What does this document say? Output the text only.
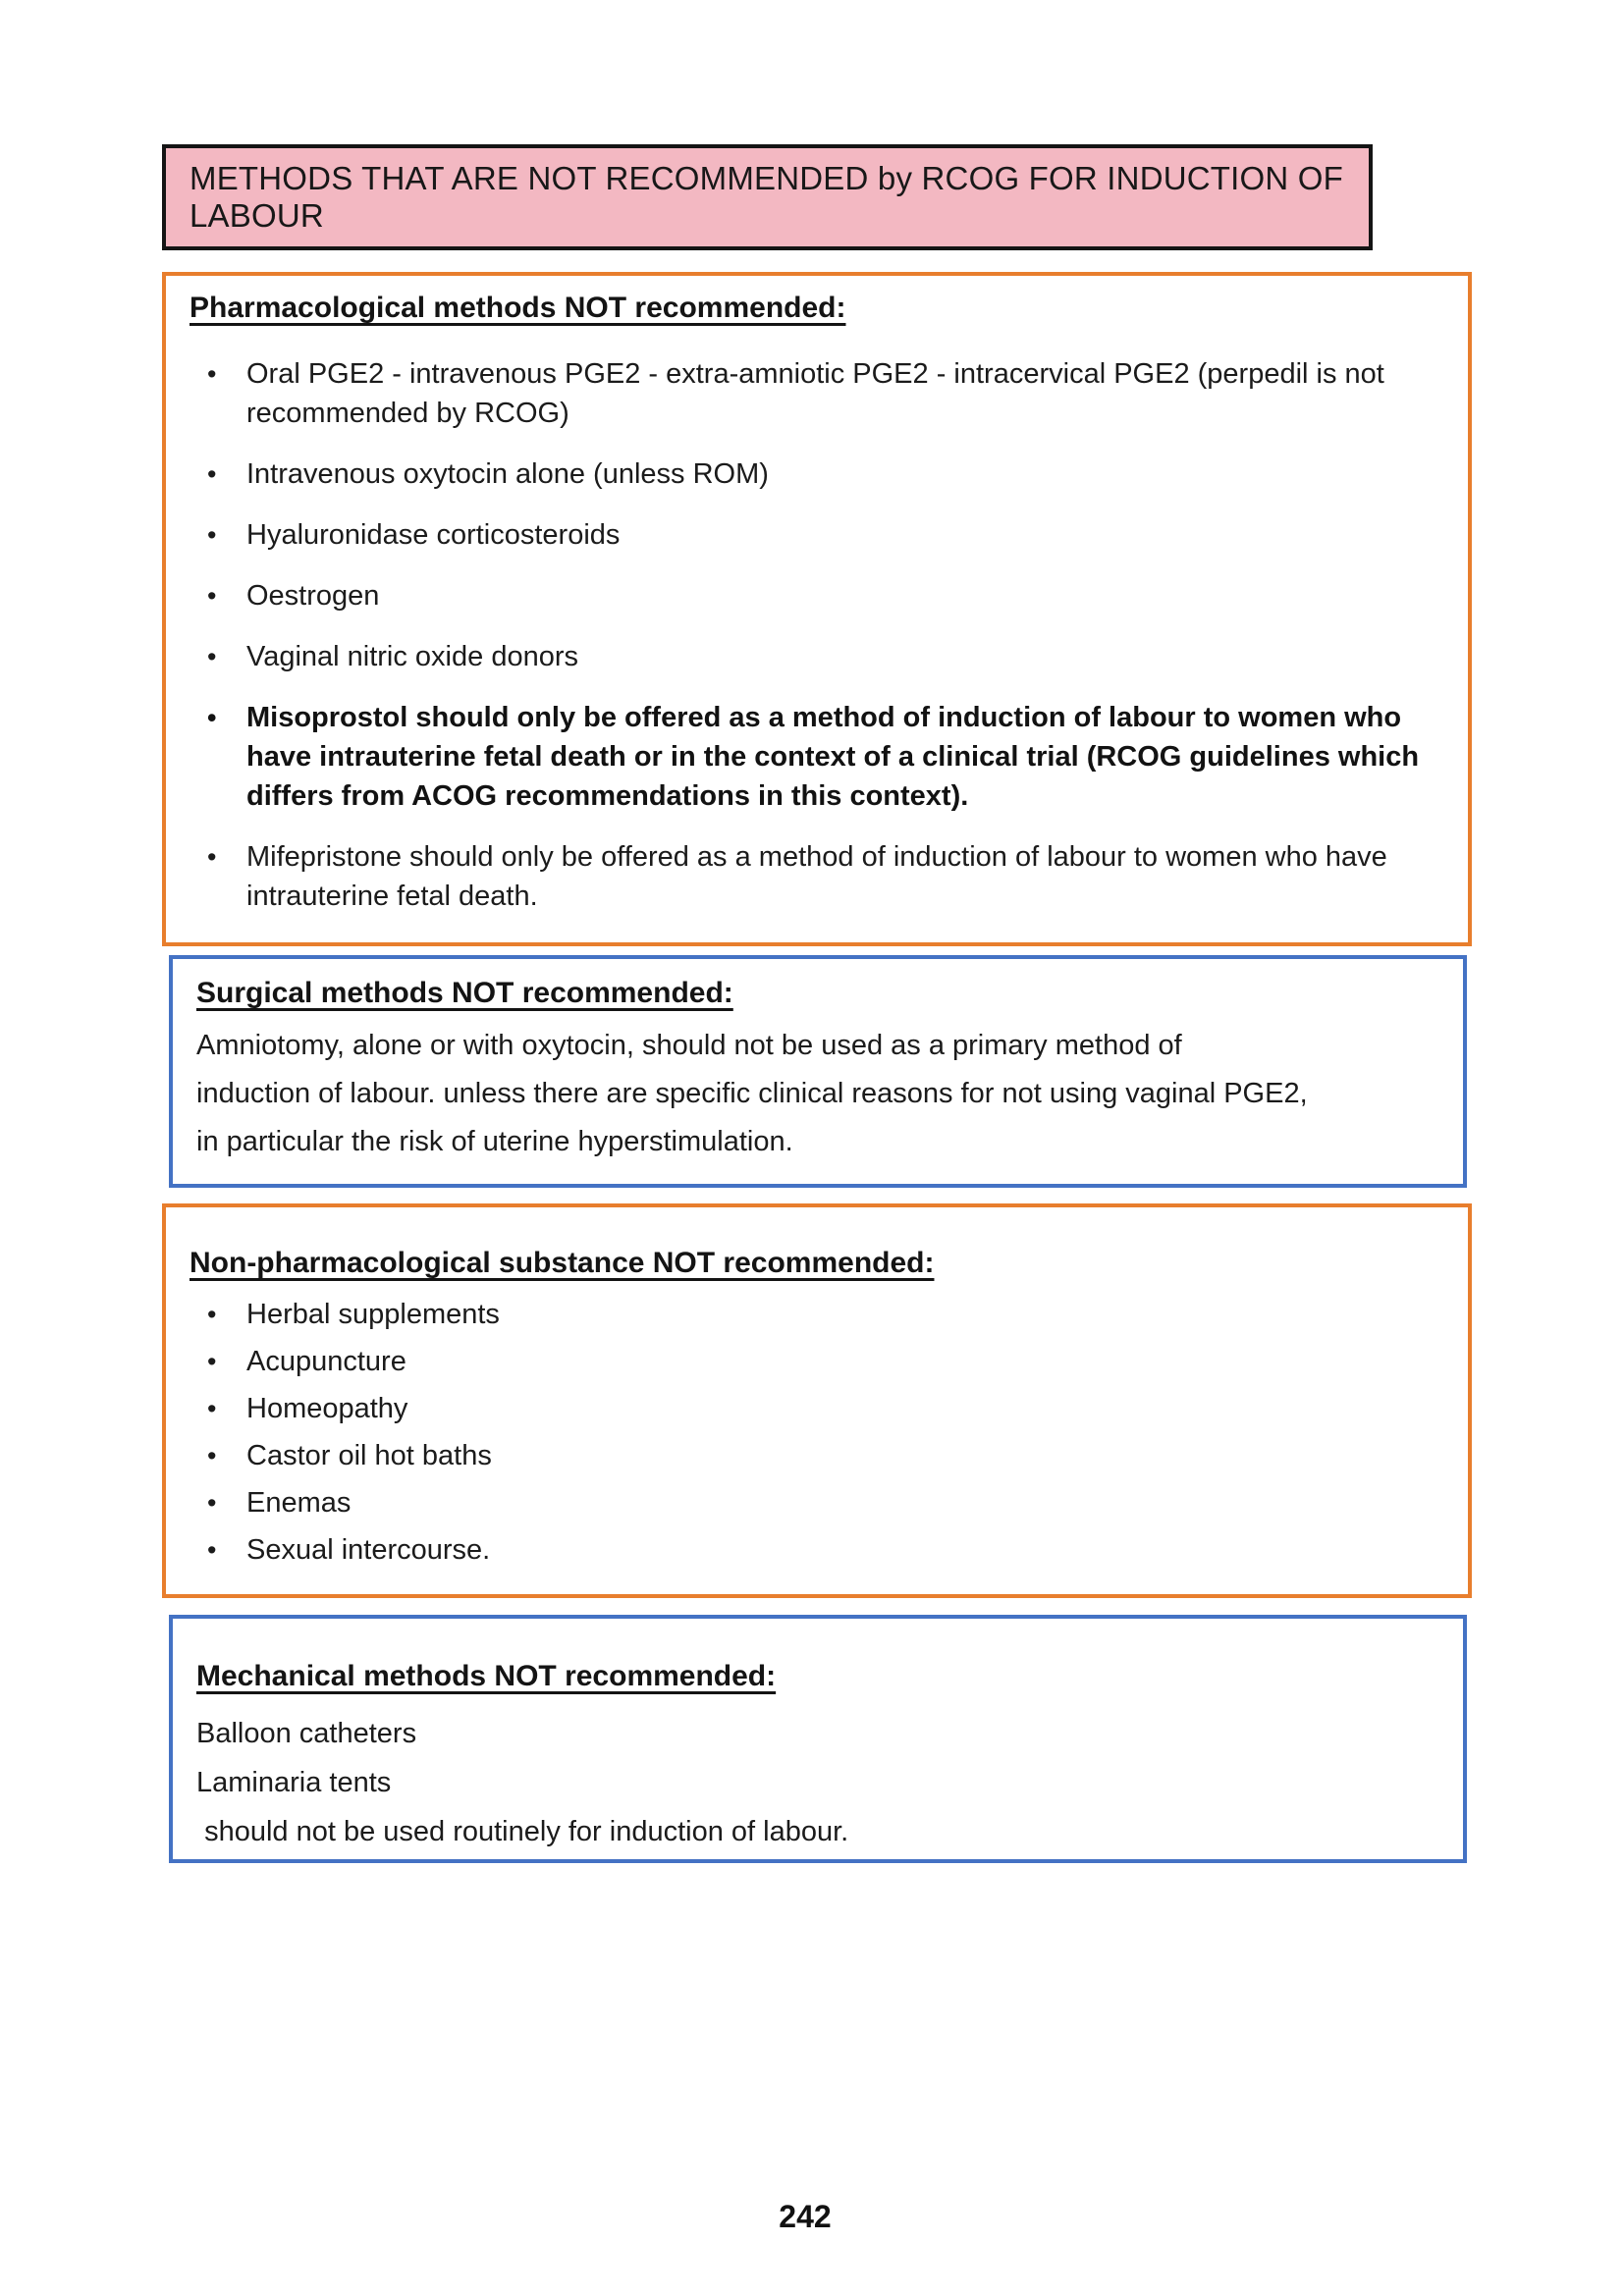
METHODS THAT ARE NOT RECOMMENDED by RCOG FOR INDUCTION OF LABOUR
Pharmacological methods NOT recommended:
• Oral PGE2 - intravenous PGE2 - extra-amniotic PGE2 - intracervical PGE2 (perpedil is not recommended by RCOG)
• Intravenous oxytocin alone (unless ROM)
• Hyaluronidase corticosteroids
• Oestrogen
• Vaginal nitric oxide donors
• Misoprostol should only be offered as a method of induction of labour to women who have intrauterine fetal death or in the context of a clinical trial (RCOG guidelines which differs from ACOG recommendations in this context).
• Mifepristone should only be offered as a method of induction of labour to women who have intrauterine fetal death.
Surgical methods NOT recommended:
Amniotomy, alone or with oxytocin, should not be used as a primary method of
induction of labour. unless there are specific clinical reasons for not using vaginal PGE2,
in particular the risk of uterine hyperstimulation.
Non-pharmacological substance NOT recommended:
• Herbal supplements
• Acupuncture
• Homeopathy
• Castor oil hot baths
• Enemas
• Sexual intercourse.
Mechanical methods NOT recommended:
Balloon catheters
Laminaria tents
should not be used routinely for induction of labour.
242
